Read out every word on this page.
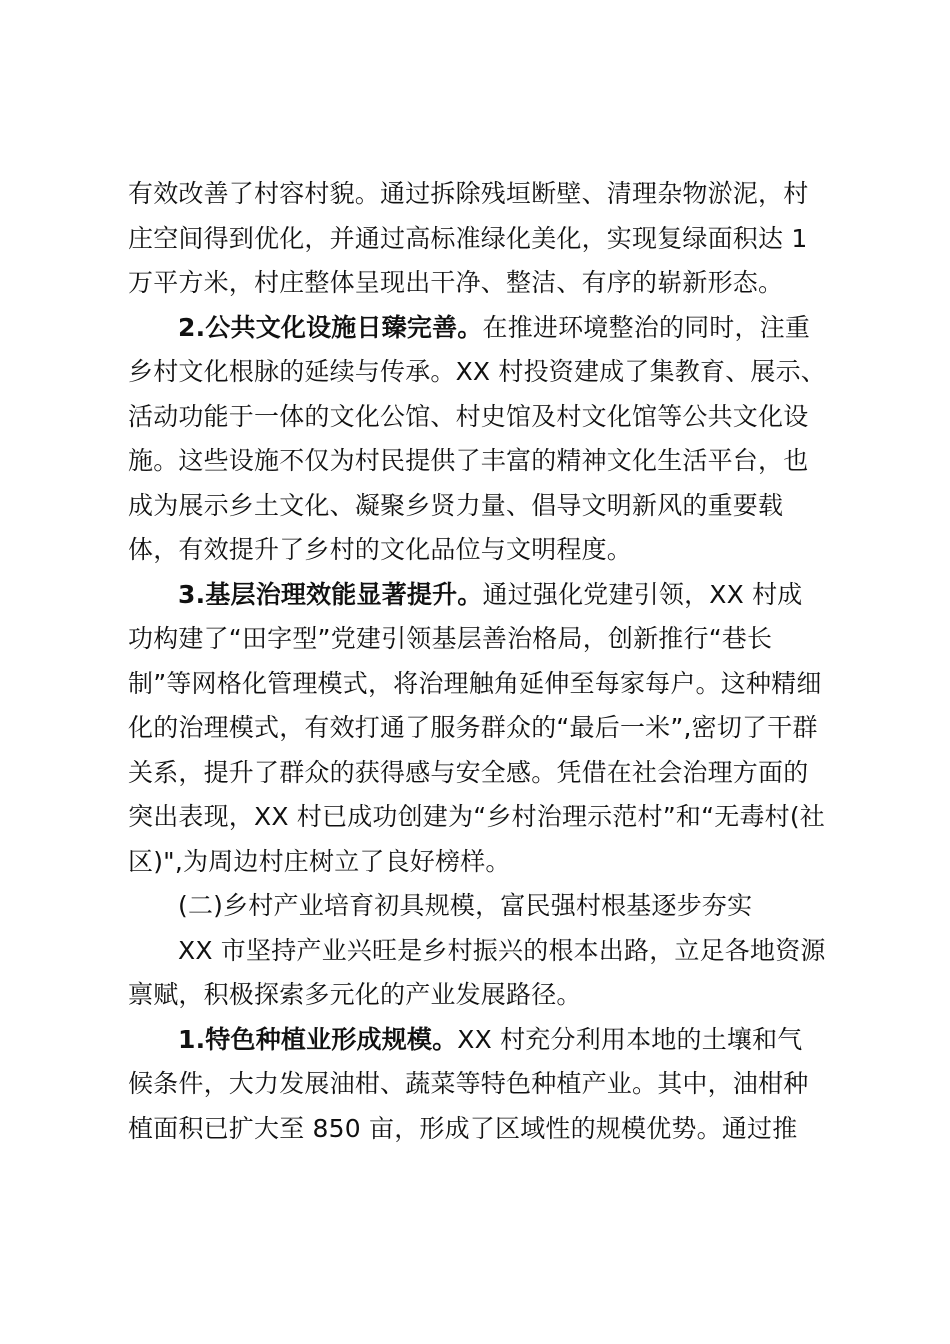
有效改善了村容村貌。通过拆除残垣断壁、清理杂物淤泥，村
庄空间得到优化，并通过高标准绿化美化，实现复绿面积达 1
万平方米，村庄整体呈现出干净、整洁、有序的崭新形态。
2.公共文化设施日臻完善。在推进环境整治的同时，注重
乡村文化根脉的延续与传承。XX 村投资建成了集教育、展示、
活动功能于一体的文化公馆、村史馆及村文化馆等公共文化设
施。这些设施不仅为村民提供了丰富的精神文化生活平台，也
成为展示乡土文化、凝聚乡贤力量、倡导文明新风的重要载
体，有效提升了乡村的文化品位与文明程度。
3.基层治理效能显著提升。通过强化党建引领，XX 村成
功构建了“田字型”党建引领基层善治格局，创新推行“巷长
制”等网格化管理模式，将治理触角延伸至每家每户。这种精细
化的治理模式，有效打通了服务群众的“最后一米”,密切了干群
关系，提升了群众的获得感与安全感。凭借在社会治理方面的
突出表现，XX 村已成功创建为“乡村治理示范村”和“无毒村(社
区)",为周边村庄树立了良好榜样。
(二)乡村产业培育初具规模，富民强村根基逐步夯实
XX 市坚持产业兴旺是乡村振兴的根本出路，立足各地资源
禀赋，积极探索多元化的产业发展路径。
1.特色种植业形成规模。XX 村充分利用本地的土壤和气
候条件，大力发展油柑、蔬菜等特色种植产业。其中，油柑种
植面积已扩大至 850 亩，形成了区域性的规模优势。通过推
